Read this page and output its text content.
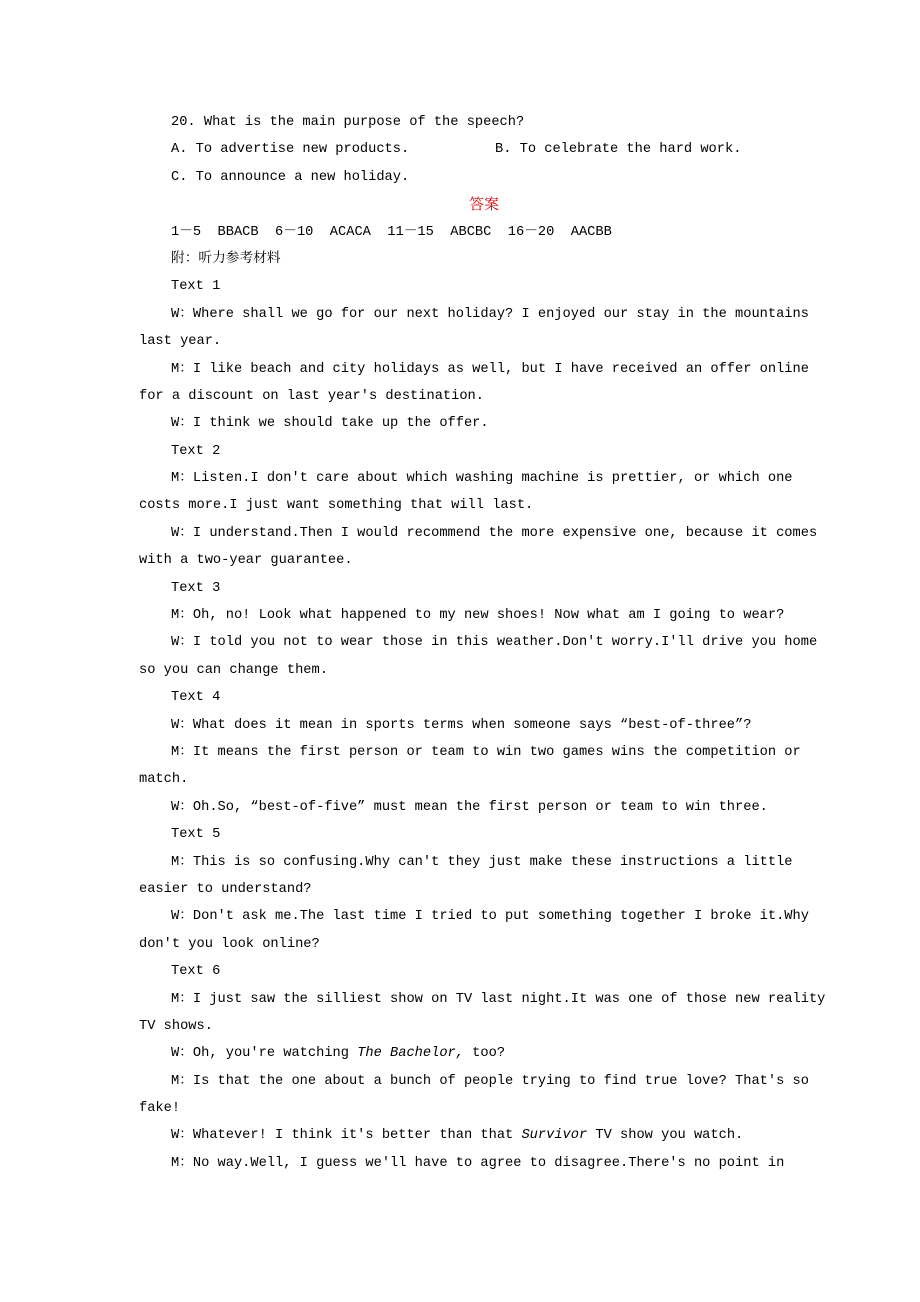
20. What is the main purpose of the speech?
A. To advertise new products.	B. To celebrate the hard work.
C. To announce a new holiday.
答案
1－5  BBACB  6－10  ACACA  11－15  ABCBC  16－20  AACBB
附：听力参考材料
Text 1
W：Where shall we go for our next holiday? I enjoyed our stay in the mountains
last year.
M：I like beach and city holidays as well, but I have received an offer online
for a discount on last year's destination.
W：I think we should take up the offer.
Text 2
M：Listen.I don't care about which washing machine is prettier, or which one
costs more.I just want something that will last.
W：I understand.Then I would recommend the more expensive one, because it comes
with a two-year guarantee.
Text 3
M：Oh, no! Look what happened to my new shoes! Now what am I going to wear?
W：I told you not to wear those in this weather.Don't worry.I'll drive you home
so you can change them.
Text 4
W：What does it mean in sports terms when someone says “best-of-three”?
M：It means the first person or team to win two games wins the competition or
match.
W：Oh.So, “best-of-five” must mean the first person or team to win three.
Text 5
M：This is so confusing.Why can't they just make these instructions a little
easier to understand?
W：Don't ask me.The last time I tried to put something together I broke it.Why
don't you look online?
Text 6
M：I just saw the silliest show on TV last night.It was one of those new reality
TV shows.
W：Oh, you're watching The Bachelor, too?
M：Is that the one about a bunch of people trying to find true love? That's so
fake!
W：Whatever! I think it's better than that Survivor TV show you watch.
M：No way.Well, I guess we'll have to agree to disagree.There's no point in
